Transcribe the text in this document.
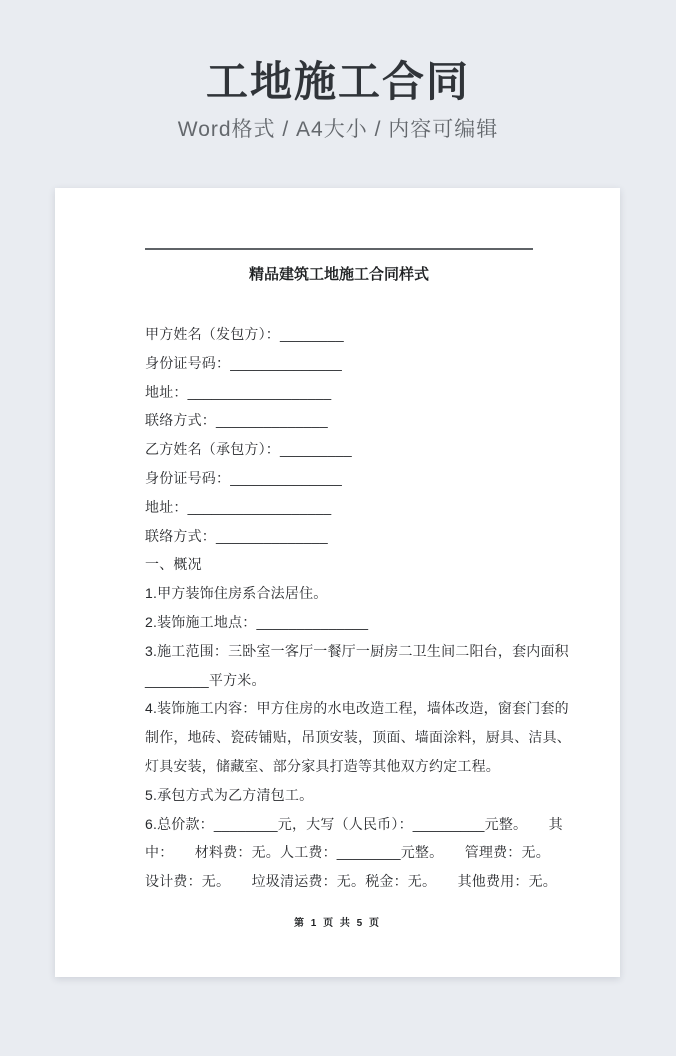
工地施工合同
Word格式 / A4大小 / 内容可编辑
精品建筑工地施工合同样式

甲方姓名（发包方）：________

身份证号码：______________

地址：__________________

联络方式：______________

乙方姓名（承包方）：_________

身份证号码：______________

地址：__________________

联络方式：______________

一、概况

1.甲方装饰住房系合法居住。

2.装饰施工地点：______________

3.施工范围：三卧室一客厅一餐厅一厨房二卫生间二阳台，套内面积

________平方米。

4.装饰施工内容：甲方住房的水电改造工程，墙体改造，窗套门套的

制作，地砖、瓷砖铺贴，吊顶安装，顶面、墙面涂料，厨具、洁具、

灯具安装，储藏室、部分家具打造等其他双方约定工程。

5.承包方式为乙方清包工。

6.总价款：________元，大写（人民币）：_________元整。　　其

中：　　材料费：无。人工费：________元整。　　管理费：无。

设计费：无。　　垃圾清运费：无。税金：无。　　其他费用：无。

第 1 页 共 5 页
